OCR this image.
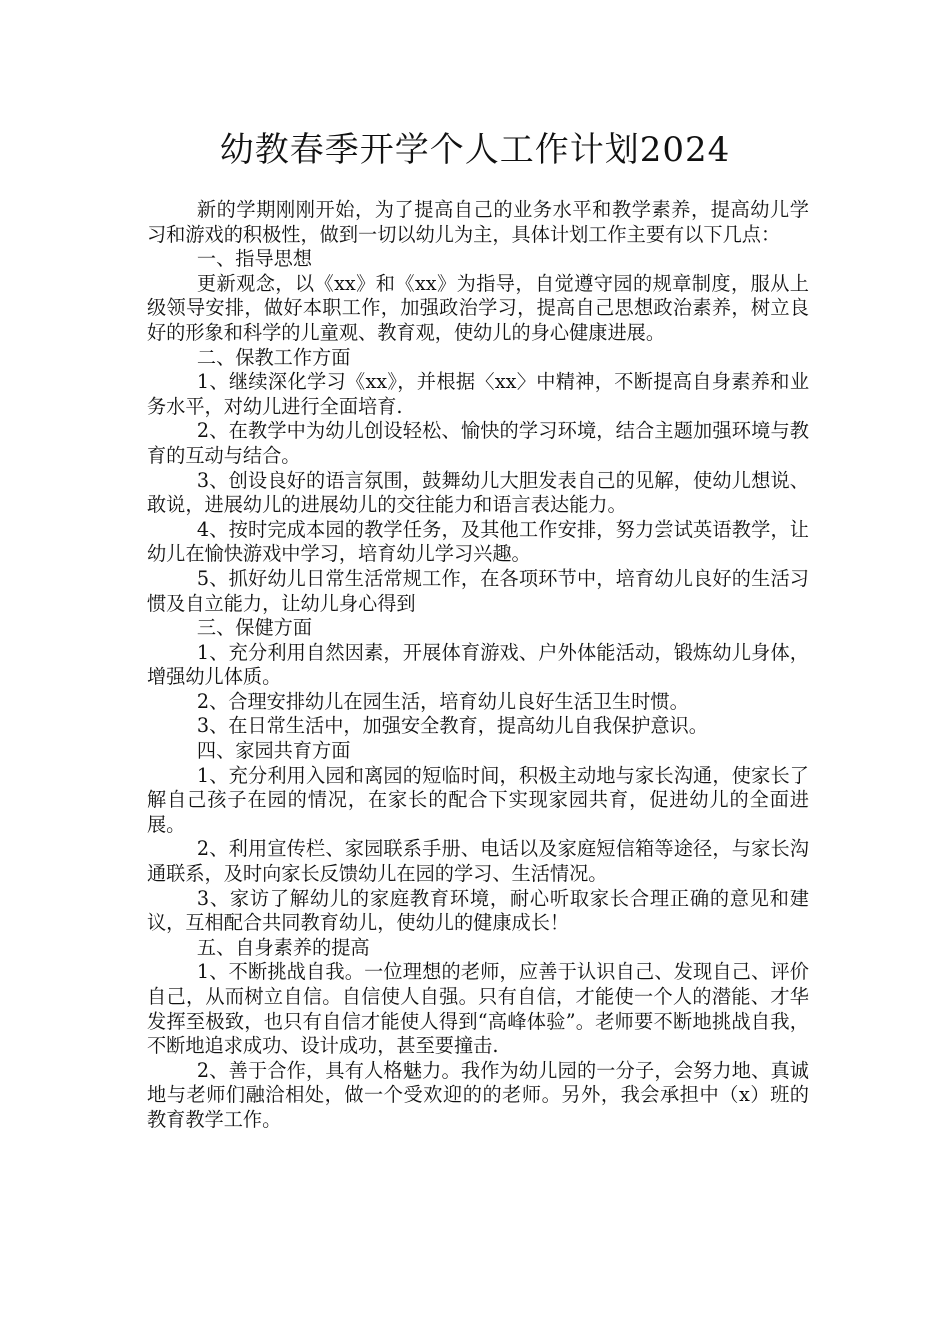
幼教春季开学个人工作计划2024

新的学期刚刚开始，为了提高自己的业务水平和教学素养，提高幼儿学习和游戏的积极性，做到一切以幼儿为主，具体计划工作主要有以下几点：

一、指导思想

更新观念，以《xx》和《xx》为指导，自觉遵守园的规章制度，服从上级领导安排，做好本职工作，加强政治学习，提高自己思想政治素养，树立良好的形象和科学的儿童观、教育观，使幼儿的身心健康进展。

二、保教工作方面

1、继续深化学习《xx》，并根据〈xx〉中精神，不断提高自身素养和业务水平，对幼儿进行全面培育.

2、在教学中为幼儿创设轻松、愉快的学习环境，结合主题加强环境与教育的互动与结合。

3、创设良好的语言氛围，鼓舞幼儿大胆发表自己的见解，使幼儿想说、敢说，进展幼儿的进展幼儿的交往能力和语言表达能力。

4、按时完成本园的教学任务，及其他工作安排，努力尝试英语教学，让幼儿在愉快游戏中学习，培育幼儿学习兴趣。

5、抓好幼儿日常生活常规工作，在各项环节中，培育幼儿良好的生活习惯及自立能力，让幼儿身心得到

三、保健方面

1、充分利用自然因素，开展体育游戏、户外体能活动，锻炼幼儿身体，增强幼儿体质。

2、合理安排幼儿在园生活，培育幼儿良好生活卫生时惯。

3、在日常生活中，加强安全教育，提高幼儿自我保护意识。

四、家园共育方面

1、充分利用入园和离园的短临时间，积极主动地与家长沟通，使家长了解自己孩子在园的情况，在家长的配合下实现家园共育，促进幼儿的全面进展。

2、利用宣传栏、家园联系手册、电话以及家庭短信箱等途径，与家长沟通联系，及时向家长反馈幼儿在园的学习、生活情况。

3、家访了解幼儿的家庭教育环境，耐心听取家长合理正确的意见和建议，互相配合共同教育幼儿，使幼儿的健康成长！

五、自身素养的提高

1、不断挑战自我。一位理想的老师，应善于认识自己、发现自己、评价自己，从而树立自信。自信使人自强。只有自信，才能使一个人的潜能、才华发挥至极致，也只有自信才能使人得到“高峰体验”。老师要不断地挑战自我，不断地追求成功、设计成功，甚至要撞击.

2、善于合作，具有人格魅力。我作为幼儿园的一分子，会努力地、真诚地与老师们融洽相处，做一个受欢迎的的老师。另外，我会承担中（x）班的教育教学工作。
